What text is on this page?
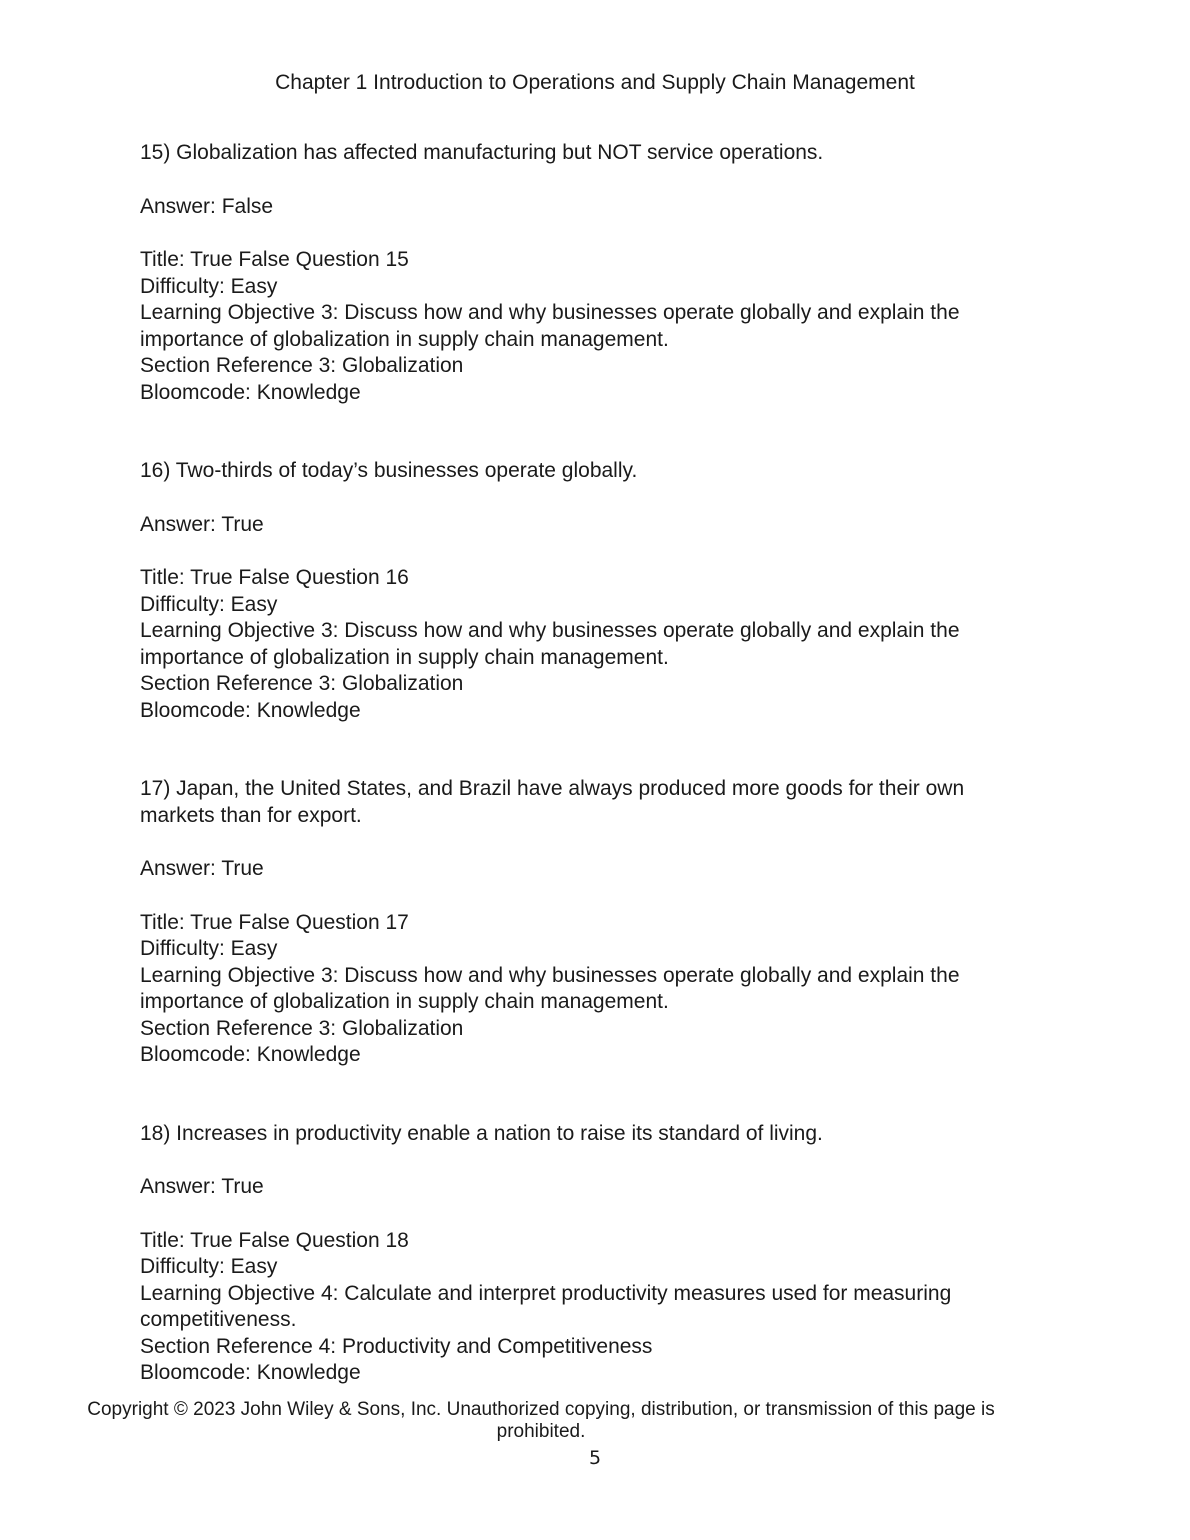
Chapter 1 Introduction to Operations and Supply Chain Management

15) Globalization has affected manufacturing but NOT service operations.

Answer: False

Title: True False Question 15

Difficulty: Easy

Learning Objective 3: Discuss how and why businesses operate globally and explain the importance of globalization in supply chain management.

Section Reference 3: Globalization

Bloomcode: Knowledge

16) Two-thirds of today’s businesses operate globally.

Answer: True

Title: True False Question 16

Difficulty: Easy

Learning Objective 3: Discuss how and why businesses operate globally and explain the importance of globalization in supply chain management.

Section Reference 3: Globalization

Bloomcode: Knowledge

17) Japan, the United States, and Brazil have always produced more goods for their own markets than for export.

Answer: True

Title: True False Question 17

Difficulty: Easy

Learning Objective 3: Discuss how and why businesses operate globally and explain the importance of globalization in supply chain management.

Section Reference 3: Globalization

Bloomcode: Knowledge

18) Increases in productivity enable a nation to raise its standard of living.

Answer: True

Title: True False Question 18

Difficulty: Easy

Learning Objective 4: Calculate and interpret productivity measures used for measuring competitiveness.

Section Reference 4: Productivity and Competitiveness

Bloomcode: Knowledge

Copyright © 2023 John Wiley & Sons, Inc. Unauthorized copying, distribution, or transmission of this page is prohibited.
5
